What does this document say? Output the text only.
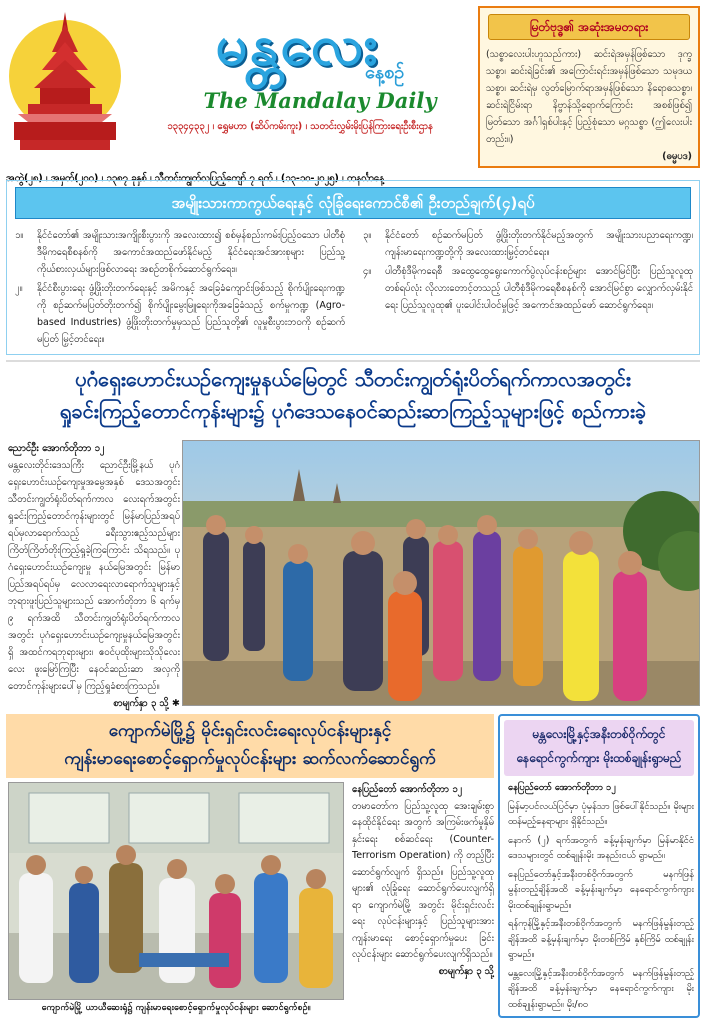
မန္တလေး
နေ့စဉ်
The Mandalay Daily
၁၃၃၄၄၃၃၂ ၊ ရွှေမဟာ (ဆိပ်ကမ်းကူး) ၊ သတင်းလွှမ်းမိုးပြန်ကြားရေးဦးစီးဌာန
မြတ်ဗုဒ္ဓ၏ အဆုံးအမတရား
(သစ္စာလေးပါးဟူသည်ကား) ဆင်းရဲအမှန်ဖြစ်သော ဒုက္ခသစ္စာ၊ ဆင်းရဲခြင်း၏ အကြောင်းရင်းအမှန်ဖြစ်သော သမုဒယသစ္စာ၊ ဆင်းရဲမှ လွတ်မြောက်ရာအမှန်ဖြစ်သော နိရောဓသစ္စာ၊ ဆင်းရဲငြိမ်းရာ နိဗ္ဗာန်သို့ရောက်ကြောင်း အစစ်ဖြစ်၍ မြတ်သော အင်္ဂါရှစ်ပါးနှင့် ပြည့်စုံသော မဂ္ဂသစ္စာ (ဤလေးပါးတည်း။)
(ဓမ္မပဒ)
အတွဲ(၂၈) ၊ အမှတ်(၂၀၀) ၊ ၁၃၈၇ ခုနှစ် ၊ သီတင်းကျွတ်လပြည့်ကျော် ၇ ရက် ၊ (၁၃-၁၀-၂၀၂၅) ၊ တနင်္လာနေ့
အမျိုးသားကာကွယ်ရေးနှင့် လုံခြုံရေးကောင်စီ၏ ဦးတည်ချက်(၄)ရပ်
၁။	နိုင်ငံတော်၏ အမျိုးသားအကျိုးစီးပွားကို အလေးထား၍ စစ်မှန်စည်းကမ်းပြည့်ဝသော ပါတီစုံဒီမိုကရေစီစနစ်ကို အကောင်အထည်ဖော်နိုင်မည့် နိုင်ငံရေးအင်အားစုများ ပြည်သူ့ကိုယ်စားလှယ်များဖြစ်လာရေး အစဉ်တစိုက်ဆောင်ရွက်ရေး။
၂။	နိုင်ငံစီးပွားရေး ဖွံ့ဖြိုးတိုးတက်ရေးနှင့် အမိကနှင့် အခြေခံကျောင်းဖြစ်သည့် စိုက်ပျိုးရေးကဏ္ဍကို စဉ်ဆက်မပြတ်တိုးတက်၍ စိုက်ပျိုးမွေးမြူရေးကိုအခြေခံသည့် စက်မှုကဏ္ဍ (Agro-based Industries) ဖွံ့ဖြိုးတိုးတက်မှုမှသည် ပြည်သူတို့၏ လူမှုစီးပွားဘဝကို စဉ်ဆက်မပြတ် မြှင့်တင်ရေး။
၃။	နိုင်ငံတော် စဉ်ဆက်မပြတ် ဖွံ့ဖြိုးတိုးတက်နိုင်မည့်အတွက် အမျိုးသားပညာရေးကဏ္ဍ၊ ကျန်းမာရေးကဏ္ဍတို့ကို အလေးထားမြှင့်တင်ရေး။
၄။	ပါတီစုံဒီမိုကရေစီ အထွေထွေရွေးကောက်ပွဲလုပ်ငန်းစဉ်များ အောင်မြင်ပြီး ပြည်သူလူထုတစ်ရပ်လုံး လိုလားတောင့်တသည့် ပါတီစုံဒီမိုကရေစီစနစ်ကို အောင်မြင်စွာ လျှောက်လှမ်းနိုင်ရေး ပြည်သူလူထု၏ ပူးပေါင်းပါဝင်မှုဖြင့် အကောင်အထည်ဖော် ဆောင်ရွက်ရေး။
ပုဂံရှေးဟောင်းယဉ်ကျေးမှုနယ်မြေတွင် သီတင်းကျွတ်ရုံးပိတ်ရက်ကာလအတွင်း
ရှုခင်းကြည့်တောင်ကုန်းများ၌ ပုဂံဒေသနေဝင်ဆည်းဆာကြည့်သူများဖြင့် စည်ကားခဲ့
ညောင်ဦး အောက်တိုဘာ ၁၂
မန္တလေးတိုင်းဒေသကြီး ညောင်ဦးမြို့နယ် ပုဂံရှေးဟောင်းယဉ်ကျေးမှုအမွေအနှစ် ဒေသအတွင်း သီတင်းကျွတ်ရုံးပိတ်ရက်ကာလ လေးရက်အတွင်း ရှုခင်းကြည့်တောင်ကုန်းများတွင် မြန်မာပြည်အရပ်ရပ်မှလာရောက်သည့် ခရီးသွားဧည့်သည်များ ကြိတ်ကြိတ်တိုးကြည့်ရှုခဲ့ကြကြောင်း သိရသည်။ ပုဂံရှေးဟောင်းယဉ်ကျေးမှု နယ်မြေအတွင်း မြန်မာပြည်အရပ်ရပ်မှ လေလာရေးလာရောက်သူများနှင့် ဘုရားဖူးပြည်သူများသည် အောက်တိုဘာ ၆ ရက်မှ ၉ ရက်အထိ သီတင်းကျွတ်ရုံးပိတ်ရက်ကာလအတွင်း ပုဂံရှေးဟောင်းယဉ်ကျေးမှုနယ်မြေအတွင်းရှိ အထင်ကရဘုရားများ၊ ဧဝင်ပုထိုးများသိုသိုလေးလေး ဖူးမြော်ကြပြီး နေဝင်ဆည်းဆာ အလှကို တောင်ကုန်းများပေါ်မှ ကြည့်ရှုခံစားကြသည်။
စာမျက်နှာ ၃ သို့ ✱
ကျောက်မဲမြို့၌ မိုင်းရှင်းလင်းရေးလုပ်ငန်းများနှင့်
ကျန်းမာရေးစောင့်ရှောက်မှုလုပ်ငန်းများ ဆက်လက်ဆောင်ရွက်
ကျောက်မဲမြို့ ယာယီဆေးရုံ၌ ကျန်းမာရေးစောင့်ရှောက်မှုလုပ်ငန်းများ ဆောင်ရွက်စဉ်။
နေပြည်တော် အောက်တိုဘာ ၁၂
တမာတော်က ပြည်သူ့လူထု အေးချမ်းစွာ နေထိုင်နိုင်ရေး အတွက် အကြမ်းဖက်မှုနှိမ်နှင်းရေး စစ်ဆင်ရေး (Counter-Terrorism Operation) ကို တည့်ပြီး ဆောင်ရွက်လျက် ရှိသည်။ ပြည်သူ့လူထုများ၏ လုံခြုံရေး ဆောင်ရွက်ပေးလျက်ရှိရာ ကျောက်မဲမြို့ အတွင်း မိုင်းရှင်းလင်းရေး လုပ်ငန်းများနှင့် ပြည်သူများအား ကျန်းမာရေး စောင့်ရှောက်မှုပေး ခြင်းလုပ်ငန်းများ ဆောင်ရွက်ပေးလျက်ရှိသည်။
စာမျက်နှာ ၃ သို့
မန္တလေးမြို့နှင့်အနီးတစ်ဝိုက်တွင်
နေရောင်ကွက်ကျား မိုးထစ်ချုန်းရွာမည်

နေပြည်တော် အောက်တိုဘာ ၁၂

မြန်မာ့ပင်လယ်ပြင်မှာ ပုံမှန်သာ ဖြစ်ပေါ်နိုင်သည်။ မိုးများ ထန်မည့်နေရာများ ရှိနိုင်သည်။

နောက် (၂) ရက်အတွက် ခန့်မှန်းချက်မှာ မြန်မာနိုင်ငံ ဒေသများတွင် ထစ်ချုန်းမိုး အနည်းငယ် ရွာမည်။

နေပြည်တော်နှင့်အနီးတစ်ဝိုက်အတွက် မနက်ဖြန်မွန်းတည့်ချိန်အထိ ခန့်မှန်းချက်မှာ နေရောင်ကွက်ကျား မိုးထစ်ချုန်းရွာမည်။

ရန်ကုန်မြို့နှင့်အနီးတစ်ဝိုက်အတွက် မနက်ဖြန်မွန်းတည့်ချိန်အထိ ခန့်မှန်းချက်မှာ မိုးတစ်ကြိမ် နှစ်ကြိမ် ထစ်ချုန်းရွာမည်။

မန္တလေးမြို့နှင့်အနီးတစ်ဝိုက်အတွက် မနက်ဖြန်မွန်းတည့်ချိန်အထိ ခန့်မှန်းချက်မှာ နေရောင်ကွက်ကျား မိုးထစ်ချုန်းရွာမည်။ မိုး/၈၀
